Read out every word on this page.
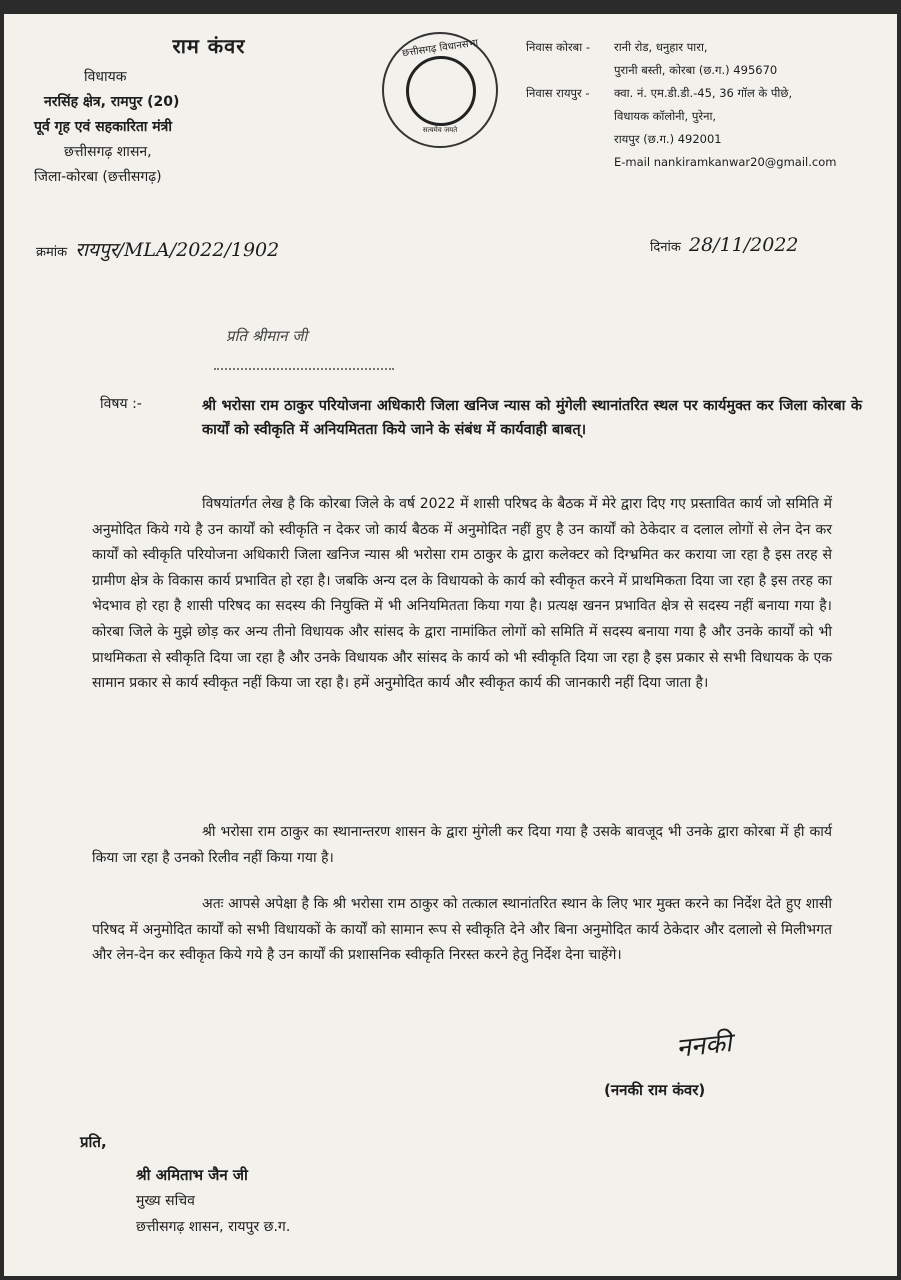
राम कंवर
विधायक
नरसिंह क्षेत्र, रामपुर (20)
पूर्व गृह एवं सहकारिता मंत्री
छत्तीसगढ़ शासन,
जिला-कोरबा (छत्तीसगढ़)
छत्तीसगढ़ विधानसभा
सत्यमेव जयते
निवास कोरबा - रानी रोड, धनुहार पारा,
पुरानी बस्ती, कोरबा (छ.ग.) 495670
निवास रायपुर - क्वा. नं. एम.डी.डी.-45, 36 गॉल के पीछे,
विधायक कॉलोनी, पुरेना,
रायपुर (छ.ग.) 492001
E-mail nankiramkanwar20@gmail.com
क्रमांक रायपुर/MLA/2022/1902	दिनांक 28/11/2022
प्रति श्रीमान जी
विषय :-	श्री भरोसा राम ठाकुर परियोजना अधिकारी जिला खनिज न्यास को मुंगेली स्थानांतरित स्थल पर कार्यमुक्त कर जिला कोरबा के कार्यों को स्वीकृति में अनियमितता किये जाने के संबंध में कार्यवाही बाबत्।
विषयांतर्गत लेख है कि कोरबा जिले के वर्ष 2022 में शासी परिषद के बैठक में मेरे द्वारा दिए गए प्रस्तावित कार्य जो समिति में अनुमोदित किये गये है उन कार्यों को स्वीकृति न देकर जो कार्य बैठक में अनुमोदित नहीं हुए है उन कार्यों को ठेकेदार व दलाल लोगों से लेन देन कर कार्यों को स्वीकृति परियोजना अधिकारी जिला खनिज न्यास श्री भरोसा राम ठाकुर के द्वारा कलेक्टर को दिग्भ्रमित कर कराया जा रहा है इस तरह से ग्रामीण क्षेत्र के विकास कार्य प्रभावित हो रहा है। जबकि अन्य दल के विधायको के कार्य को स्वीकृत करने में प्राथमिकता दिया जा रहा है इस तरह का भेदभाव हो रहा है शासी परिषद का सदस्य की नियुक्ति में भी अनियमितता किया गया है। प्रत्यक्ष खनन प्रभावित क्षेत्र से सदस्य नहीं बनाया गया है। कोरबा जिले के मुझे छोड़ कर अन्य तीनो विधायक और सांसद के द्वारा नामांकित लोगों को समिति में सदस्य बनाया गया है और उनके कार्यों को भी प्राथमिकता से स्वीकृति दिया जा रहा है और उनके विधायक और सांसद के कार्य को भी स्वीकृति दिया जा रहा है इस प्रकार से सभी विधायक के एक सामान प्रकार से कार्य स्वीकृत नहीं किया जा रहा है। हमें अनुमोदित कार्य और स्वीकृत कार्य की जानकारी नहीं दिया जाता है।
श्री भरोसा राम ठाकुर का स्थानान्तरण शासन के द्वारा मुंगेली कर दिया गया है उसके बावजूद भी उनके द्वारा कोरबा में ही कार्य किया जा रहा है उनको रिलीव नहीं किया गया है।
अतः आपसे अपेक्षा है कि श्री भरोसा राम ठाकुर को तत्काल स्थानांतरित स्थान के लिए भार मुक्त करने का निर्देश देते हुए शासी परिषद में अनुमोदित कार्यों को सभी विधायकों के कार्यों को सामान रूप से स्वीकृति देने और बिना अनुमोदित कार्य ठेकेदार और दलालो से मिलीभगत और लेन-देन कर स्वीकृत किये गये है उन कार्यों की प्रशासनिक स्वीकृति निरस्त करने हेतु निर्देश देना चाहेंगे।
ननकी
(ननकी राम कंवर)
प्रति,
श्री अमिताभ जैन जी
मुख्य सचिव
छत्तीसगढ़ शासन, रायपुर छ.ग.
